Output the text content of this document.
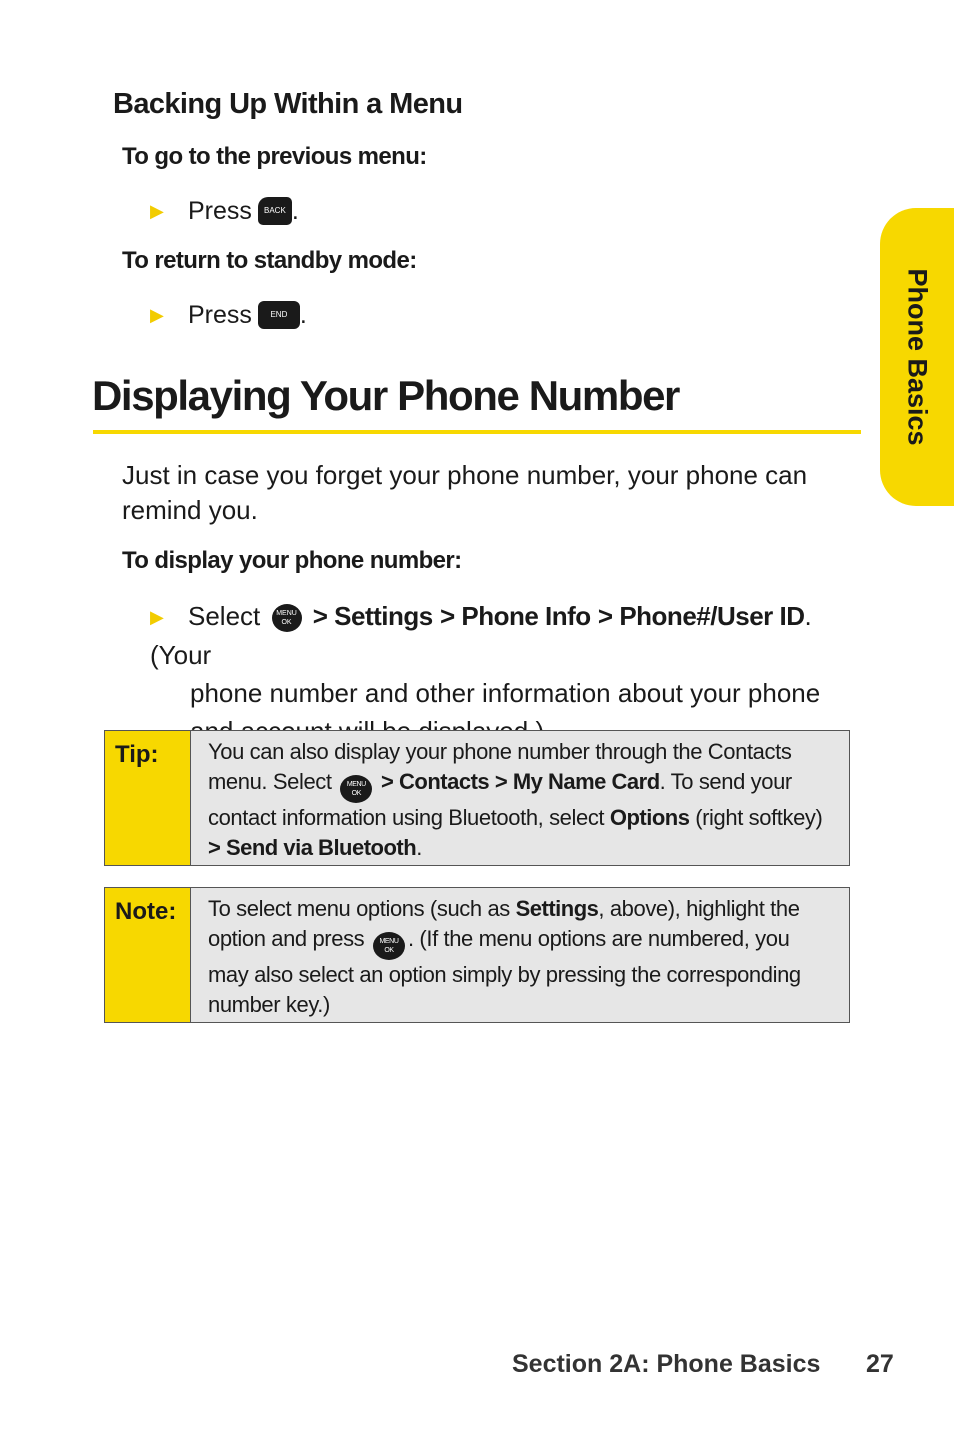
Backing Up Within a Menu
To go to the previous menu:
▶ Press	BACK .
To return to standby mode:
▶ Press	END .
Displaying Your Phone Number
Just in case you forget your phone number, your phone can remind you.
To display your phone number:
▶ Select MENU
OK > Settings > Phone Info > Phone#/User ID. (Your
phone number and other information about your phone
Tip:	You can also display your phone number through the Contacts menu. Select MENU
OK > Contacts > My Name Card. To send your contact information using Bluetooth, select Options (right softkey) > Send via Bluetooth.
Note:	To select menu options (such as Settings, above), highlight the option and press MENU
OK . (If the menu options are numbered, you may also select an option simply by pressing the corresponding number key.)
Phone Basics
Section 2A: Phone Basics 27
